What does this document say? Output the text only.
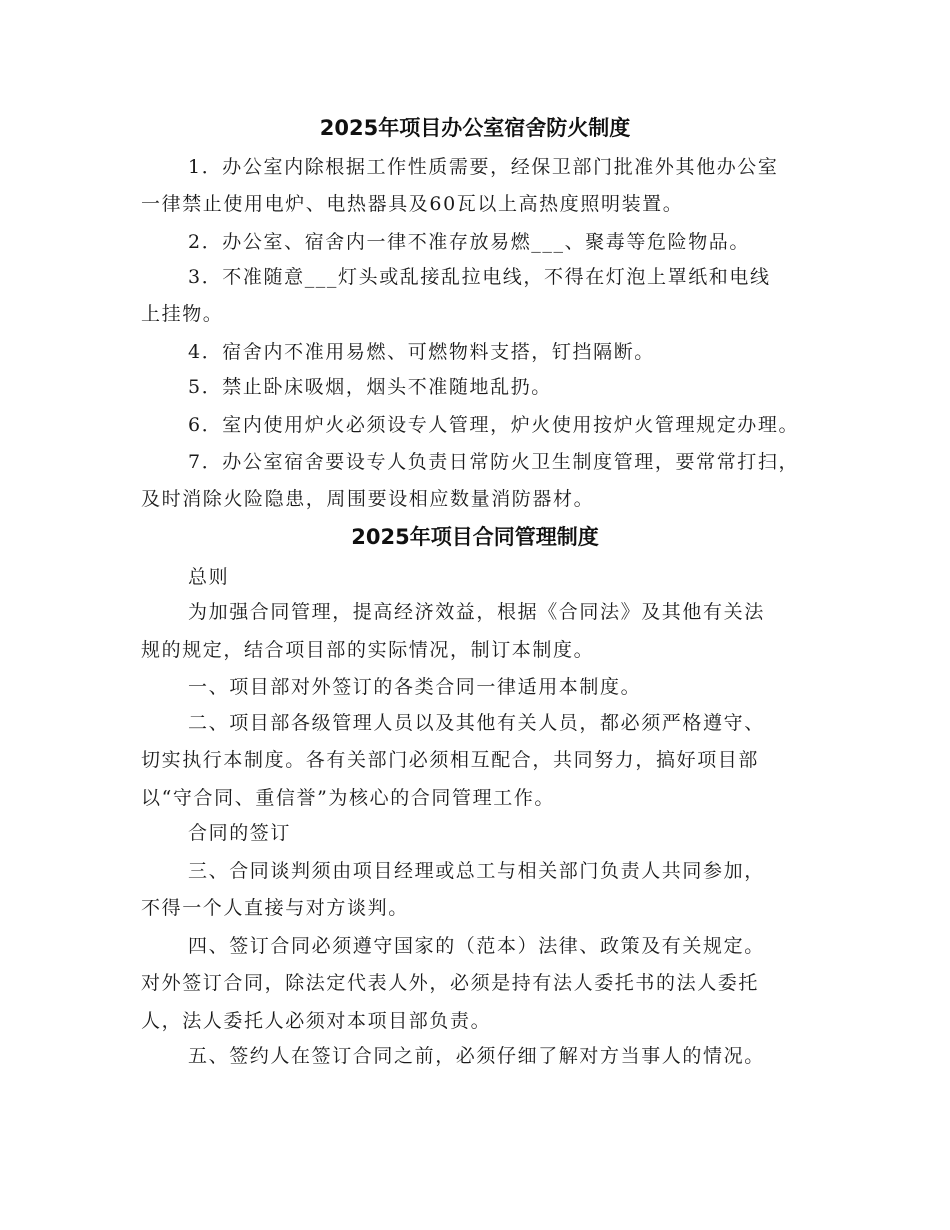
2025年项目办公室宿舍防火制度
1．办公室内除根据工作性质需要，经保卫部门批准外其他办公室
一律禁止使用电炉、电热器具及60瓦以上高热度照明装置。
2．办公室、宿舍内一律不准存放易燃___、聚毒等危险物品。
3．不准随意___灯头或乱接乱拉电线，不得在灯泡上罩纸和电线
上挂物。
4．宿舍内不准用易燃、可燃物料支搭，钉挡隔断。
5．禁止卧床吸烟，烟头不准随地乱扔。
6．室内使用炉火必须设专人管理，炉火使用按炉火管理规定办理。
7．办公室宿舍要设专人负责日常防火卫生制度管理，要常常打扫，
及时消除火险隐患，周围要设相应数量消防器材。
2025年项目合同管理制度
总则
为加强合同管理，提高经济效益，根据《合同法》及其他有关法
规的规定，结合项目部的实际情况，制订本制度。
一、项目部对外签订的各类合同一律适用本制度。
二、项目部各级管理人员以及其他有关人员，都必须严格遵守、
切实执行本制度。各有关部门必须相互配合，共同努力，搞好项目部
以“守合同、重信誉”为核心的合同管理工作。
合同的签订
三、合同谈判须由项目经理或总工与相关部门负责人共同参加，
不得一个人直接与对方谈判。
四、签订合同必须遵守国家的（范本）法律、政策及有关规定。
对外签订合同，除法定代表人外，必须是持有法人委托书的法人委托
人，法人委托人必须对本项目部负责。
五、签约人在签订合同之前，必须仔细了解对方当事人的情况。
